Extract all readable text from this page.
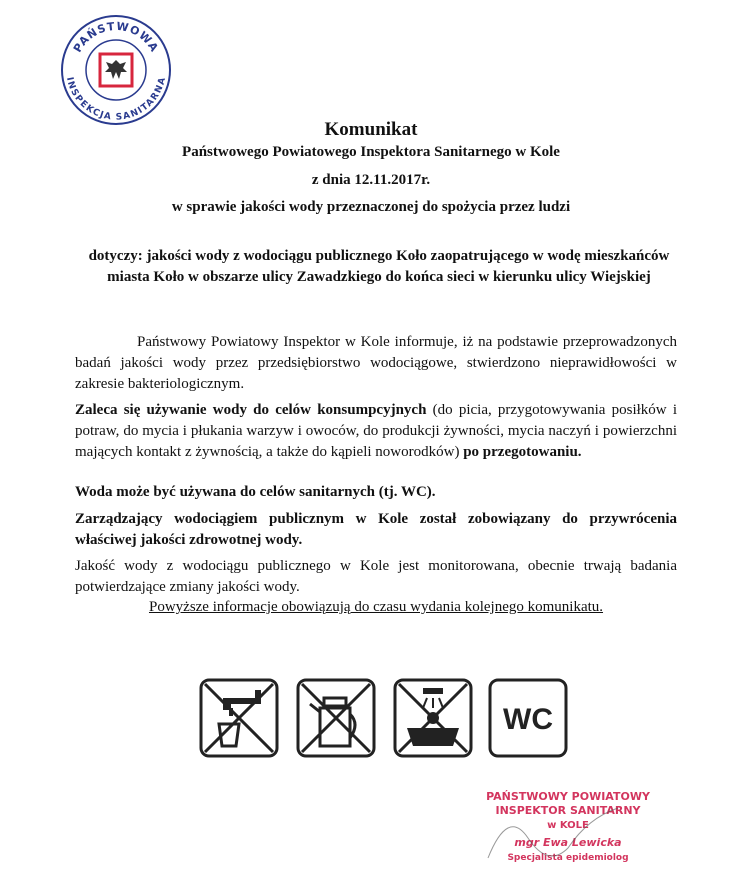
PAŃSTWOWA
INSPEKCJA SANITARNA
Komunikat
Państwowego Powiatowego Inspektora Sanitarnego w Kole
z dnia 12.11.2017r.
w sprawie jakości wody przeznaczonej do spożycia przez ludzi
dotyczy: jakości wody z wodociągu publicznego Koło zaopatrującego w wodę mieszkańców miasta Koło w obszarze ulicy Zawadzkiego do końca sieci w kierunku ulicy Wiejskiej
Państwowy Powiatowy Inspektor w Kole informuje, iż na podstawie przeprowadzonych badań jakości wody przez przedsiębiorstwo wodociągowe, stwierdzono nieprawidłowości w zakresie bakteriologicznym.
Zaleca się używanie wody do celów konsumpcyjnych (do picia, przygotowywania posiłków i potraw, do mycia i płukania warzyw i owoców, do produkcji żywności, mycia naczyń i powierzchni mających kontakt z żywnością, a także do kąpieli noworodków) po przegotowaniu.
Woda może być używana do celów sanitarnych (tj. WC).
Zarządzający wodociągiem publicznym w Kole został zobowiązany do przywrócenia właściwej jakości zdrowotnej wody.
Jakość wody z wodociągu publicznego w Kole jest monitorowana, obecnie trwają badania potwierdzające zmiany jakości wody.
Powyższe informacje obowiązują do czasu wydania kolejnego komunikatu.
WC
PAŃSTWOWY POWIATOWY
INSPEKTOR SANITARNY
w KOLE
mgr Ewa Lewicka
Specjalista epidemiolog
